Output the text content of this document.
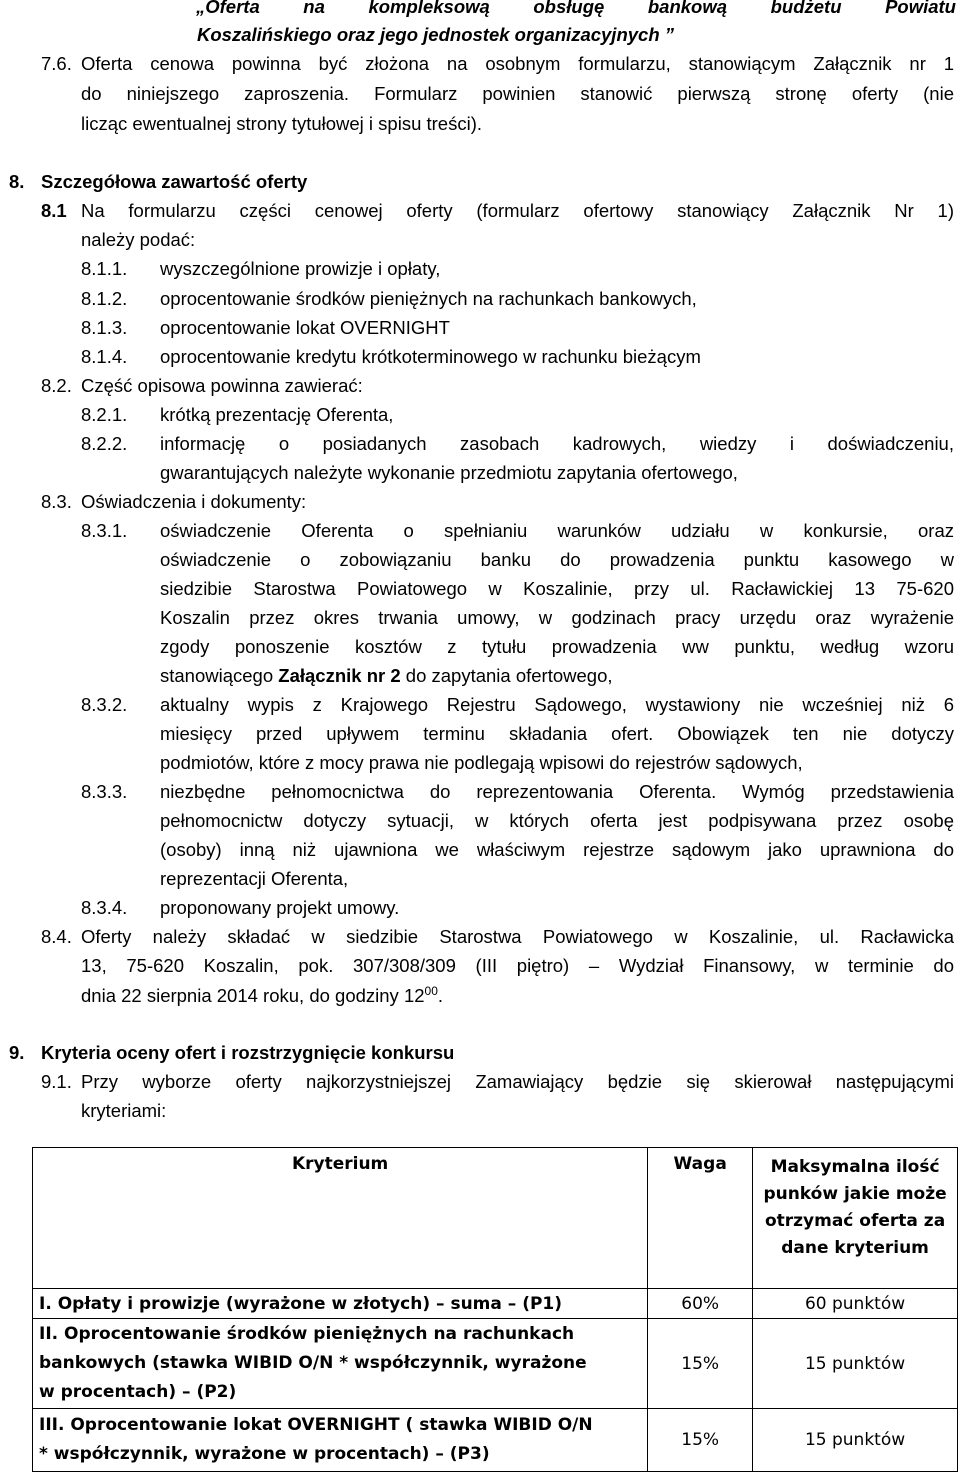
„Oferta na kompleksową obsługę bankową budżetu Powiatu
Koszalińskiego oraz jego jednostek organizacyjnych ”
7.6. Oferta cenowa powinna być złożona na osobnym formularzu, stanowiącym Załącznik nr 1
do niniejszego zaproszenia. Formularz powinien stanowić pierwszą stronę oferty (nie
licząc ewentualnej strony tytułowej i spisu treści).
8. Szczegółowa zawartość oferty
8.1 Na formularzu części cenowej oferty (formularz ofertowy stanowiący Załącznik Nr 1)
należy podać:
8.1.1. wyszczególnione prowizje i opłaty,
8.1.2. oprocentowanie środków pieniężnych na rachunkach bankowych,
8.1.3. oprocentowanie lokat OVERNIGHT
8.1.4. oprocentowanie kredytu krótkoterminowego w rachunku bieżącym
8.2. Część opisowa powinna zawierać:
8.2.1. krótką prezentację Oferenta,
8.2.2. informację o posiadanych zasobach kadrowych, wiedzy i doświadczeniu,
gwarantujących należyte wykonanie przedmiotu zapytania ofertowego,
8.3. Oświadczenia i dokumenty:
8.3.1. oświadczenie Oferenta o spełnianiu warunków udziału w konkursie, oraz
oświadczenie o zobowiązaniu banku do prowadzenia punktu kasowego w
siedzibie Starostwa Powiatowego w Koszalinie, przy ul. Racławickiej 13 75-620
Koszalin przez okres trwania umowy, w godzinach pracy urzędu oraz wyrażenie
zgody ponoszenie kosztów z tytułu prowadzenia ww punktu, według wzoru
stanowiącego Załącznik nr 2 do zapytania ofertowego,
8.3.2. aktualny wypis z Krajowego Rejestru Sądowego, wystawiony nie wcześniej niż 6
miesięcy przed upływem terminu składania ofert. Obowiązek ten nie dotyczy
podmiotów, które z mocy prawa nie podlegają wpisowi do rejestrów sądowych,
8.3.3. niezbędne pełnomocnictwa do reprezentowania Oferenta. Wymóg przedstawienia
pełnomocnictw dotyczy sytuacji, w których oferta jest podpisywana przez osobę
(osoby) inną niż ujawniona we właściwym rejestrze sądowym jako uprawniona do
reprezentacji Oferenta,
8.3.4. proponowany projekt umowy.
8.4. Oferty należy składać w siedzibie Starostwa Powiatowego w Koszalinie, ul. Racławicka
13, 75-620 Koszalin, pok. 307/308/309 (III piętro) – Wydział Finansowy, w terminie do
dnia 22 sierpnia 2014 roku, do godziny $12^{00}$.
9. Kryteria oceny ofert i rozstrzygnięcie konkursu
9.1. Przy wyborze oferty najkorzystniejszej Zamawiający będzie się skierował następującymi
kryteriami:
Kryterium	Waga	Maksymalna ilość
punków jakie może
otrzymać oferta za
dane kryterium

I. Opłaty i prowizje (wyrażone w złotych) – suma – (P1)	60%	60 punktów

II. Oprocentowanie środków pieniężnych na rachunkach
bankowych (stawka WIBID O/N * współczynnik, wyrażone
w procentach) – (P2)	15%	15 punktów

III. Oprocentowanie lokat OVERNIGHT ( stawka WIBID O/N
* współczynnik, wyrażone w procentach) – (P3)	15%	15 punktów
